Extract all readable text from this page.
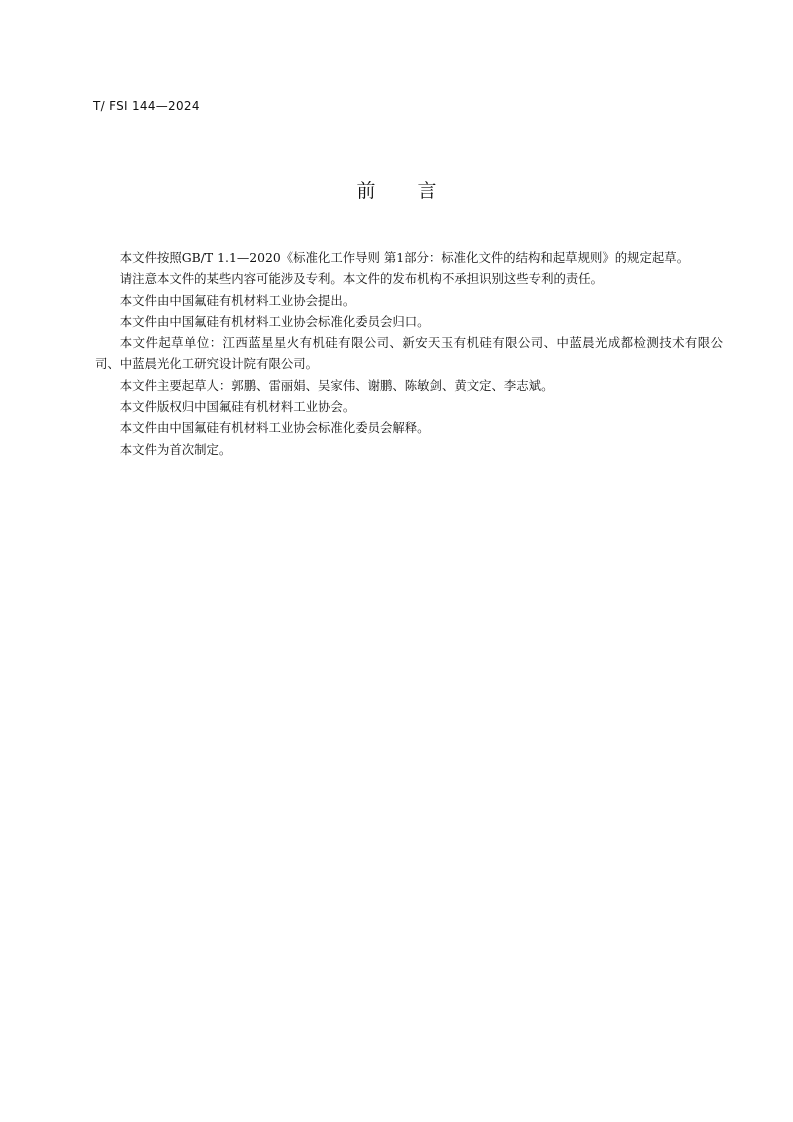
T/ FSI 144—2024
前言

本文件按照GB/T 1.1—2020《标准化工作导则 第1部分：标准化文件的结构和起草规则》的规定起草。

请注意本文件的某些内容可能涉及专利。本文件的发布机构不承担识别这些专利的责任。

本文件由中国氟硅有机材料工业协会提出。

本文件由中国氟硅有机材料工业协会标准化委员会归口。

本文件起草单位：江西蓝星星火有机硅有限公司、新安天玉有机硅有限公司、中蓝晨光成都检测技术有限公司、中蓝晨光化工研究设计院有限公司。

本文件主要起草人：郭鹏、雷丽娟、吴家伟、谢鹏、陈敏剑、黄文定、李志斌。

本文件版权归中国氟硅有机材料工业协会。

本文件由中国氟硅有机材料工业协会标准化委员会解释。

本文件为首次制定。
